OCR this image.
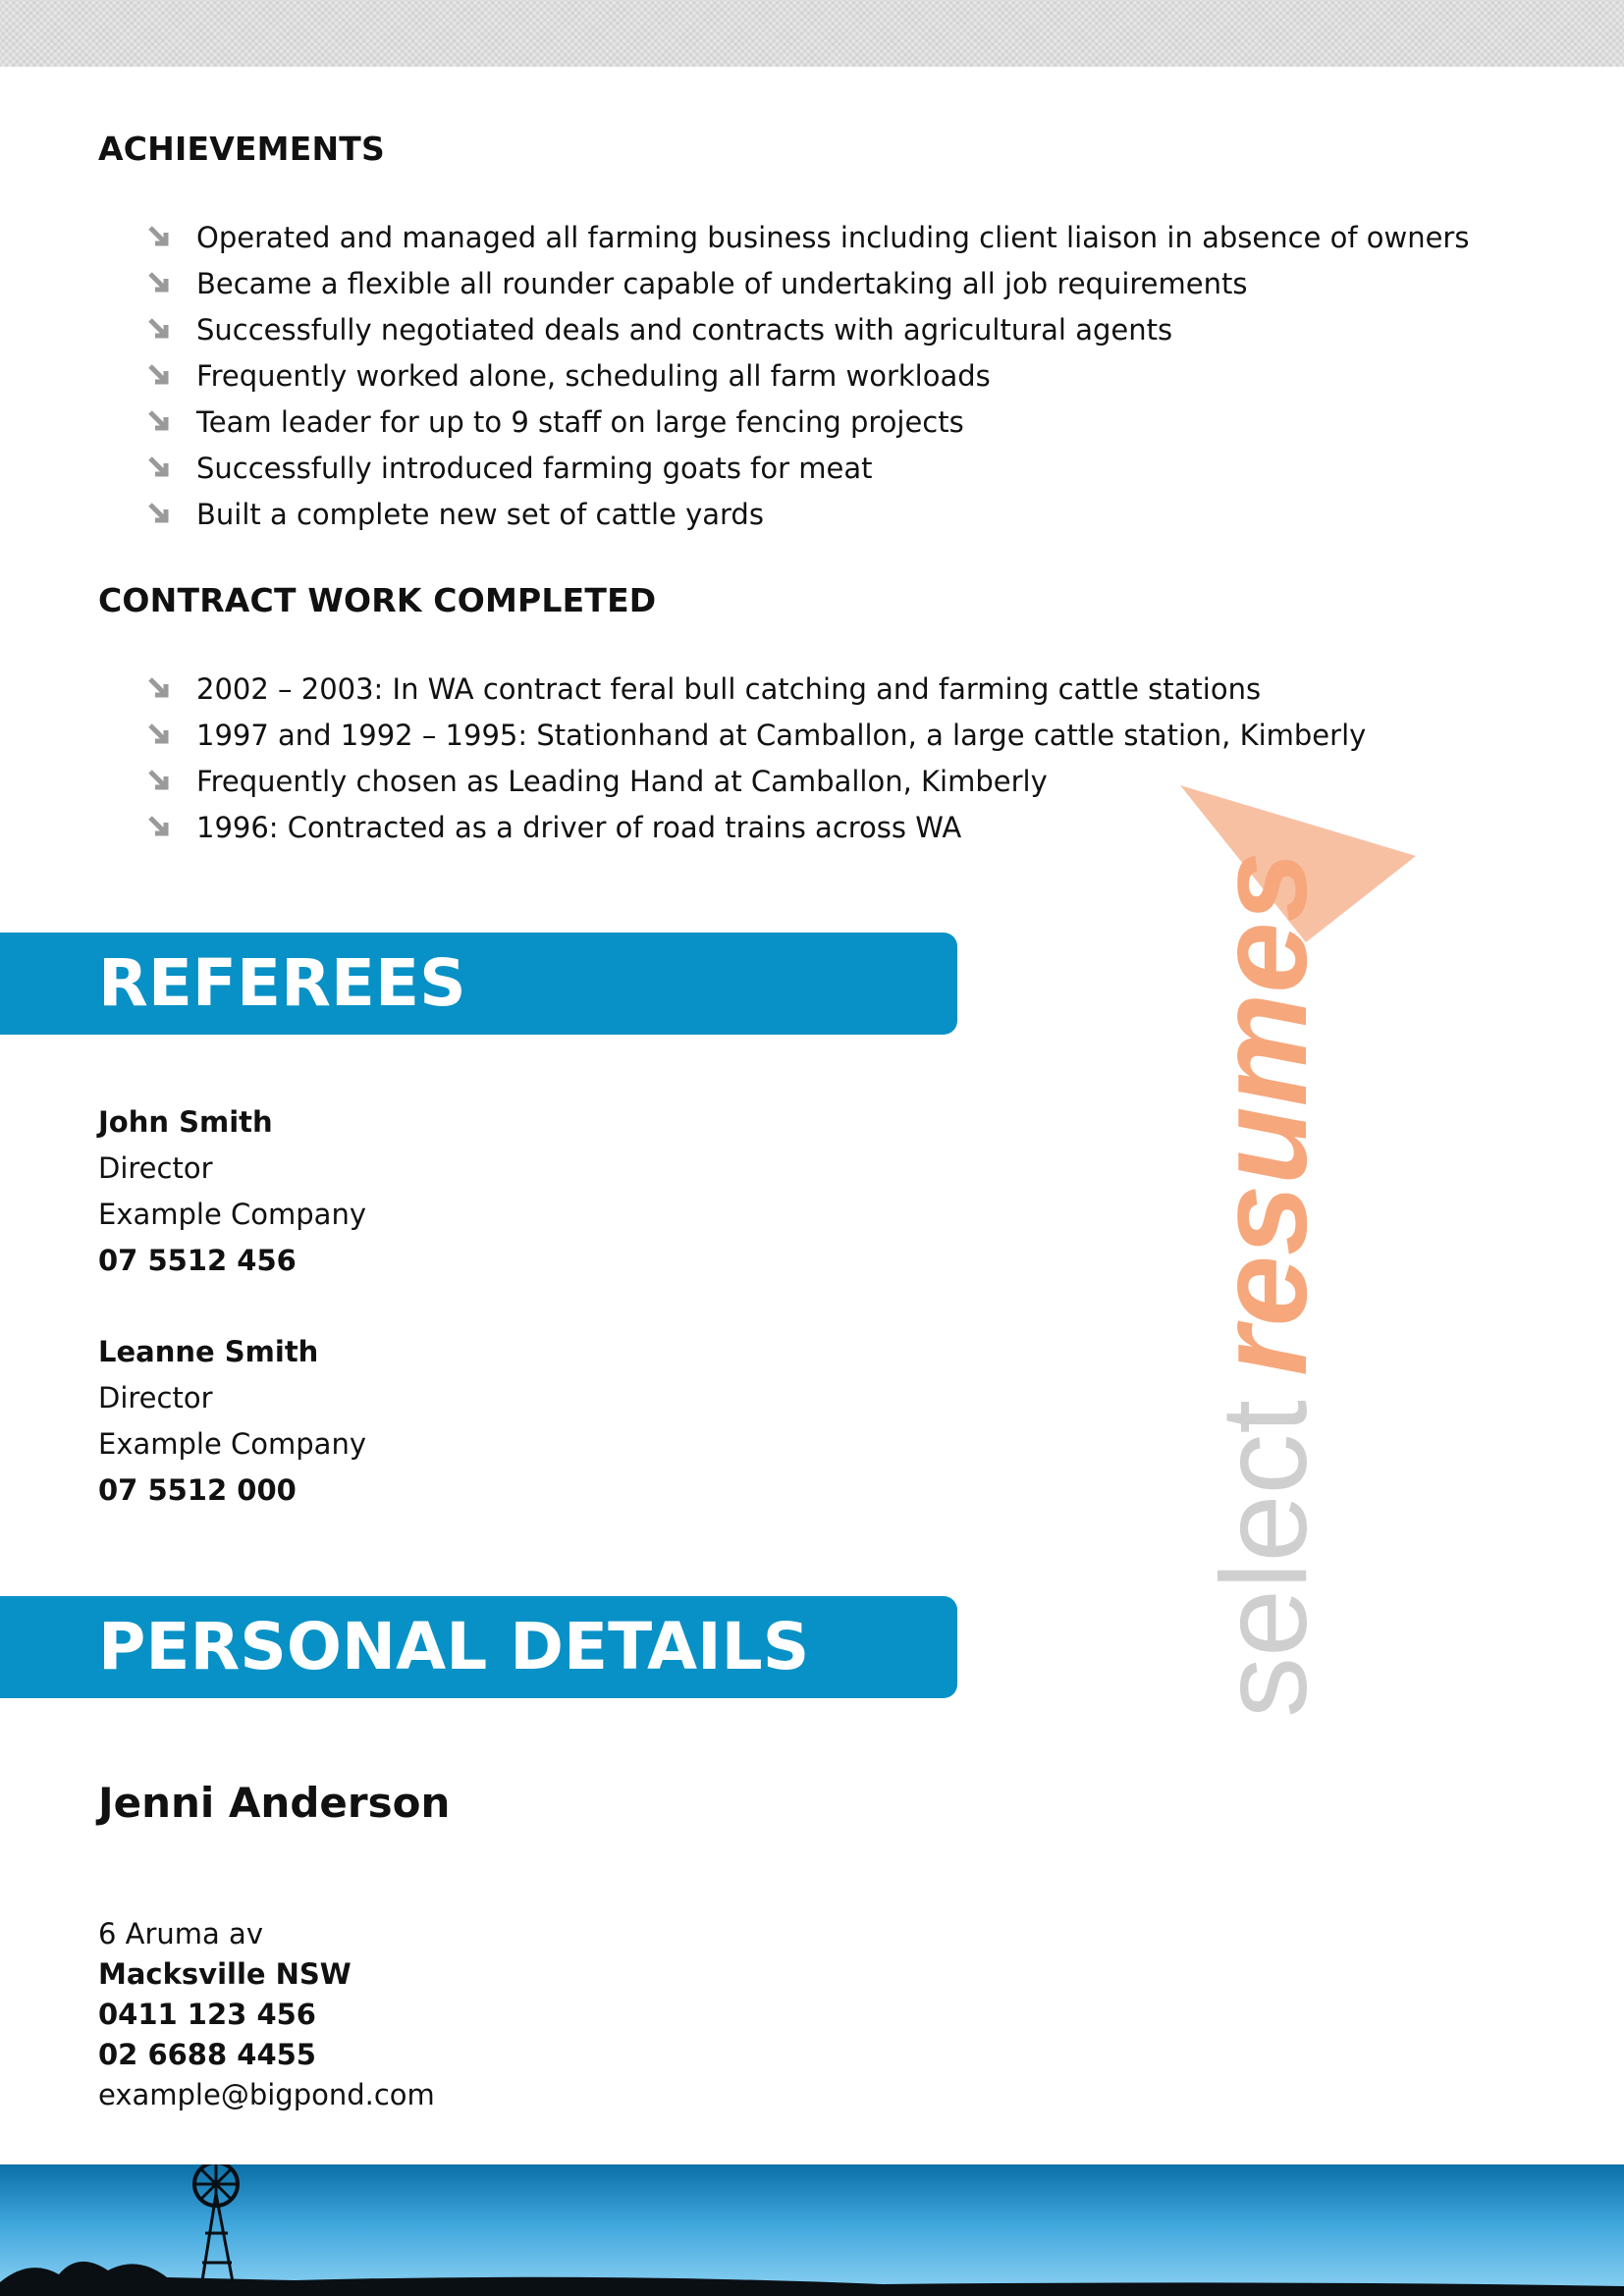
select
resumes
ACHIEVEMENTS
Operated and managed all farming business including client liaison in absence of owners
Became a flexible all rounder capable of undertaking all job requirements
Successfully negotiated deals and contracts with agricultural agents
Frequently worked alone, scheduling all farm workloads
Team leader for up to 9 staff on large fencing projects
Successfully introduced farming goats for meat
Built a complete new set of cattle yards
CONTRACT WORK COMPLETED
2002 – 2003: In WA contract feral bull catching and farming cattle stations
1997 and 1992 – 1995: Stationhand at Camballon, a large cattle station, Kimberly
Frequently chosen as Leading Hand at Camballon, Kimberly
1996: Contracted as a driver of road trains across WA
REFEREES
John Smith
Director
Example Company
07 5512 456
Leanne Smith
Director
Example Company
07 5512 000
PERSONAL DETAILS
Jenni Anderson
6 Aruma av
Macksville NSW
0411 123 456
02 6688 4455
example@bigpond.com
